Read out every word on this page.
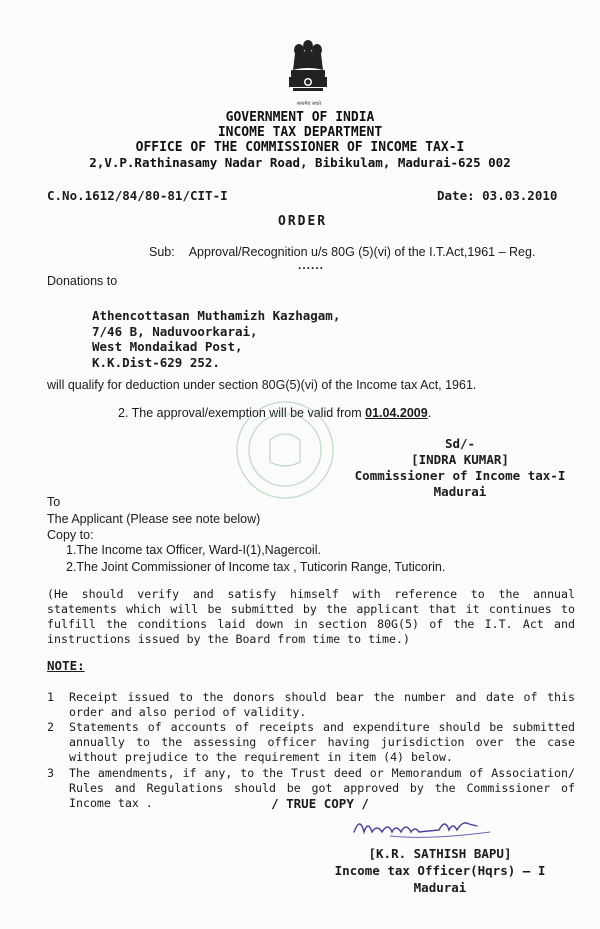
सत्यमेव जयते
GOVERNMENT OF INDIA
INCOME TAX DEPARTMENT
OFFICE OF THE COMMISSIONER OF INCOME TAX-I
2,V.P.Rathinasamy Nadar Road, Bibikulam, Madurai-625 002
C.No.1612/84/80-81/CIT-I	Date: 03.03.2010
ORDER
Sub: Approval/Recognition u/s 80G (5)(vi) of the I.T.Act,1961 – Reg.
......
Donations to
Athencottasan Muthamizh Kazhagam,
7/46 B, Naduvoorkarai,
West Mondaikad Post,
K.K.Dist-629 252.
will qualify for deduction under section 80G(5)(vi) of the Income tax Act, 1961.
2. The approval/exemption will be valid from 01.04.2009.
Sd/-
[INDRA KUMAR]
Commissioner of Income tax-I
Madurai
To
The Applicant (Please see note below)
Copy to:
1.The Income tax Officer, Ward-I(1),Nagercoil.
2.The Joint Commissioner of Income tax , Tuticorin Range, Tuticorin.
(He should verify and satisfy himself with reference to the annual statements which will be submitted by the applicant that it continues to fulfill the conditions laid down in section 80G(5) of the I.T. Act and instructions issued by the Board from time to time.)
NOTE:
1 Receipt issued to the donors should bear the number and date of this order and also period of validity.
2 Statements of accounts of receipts and expenditure should be submitted annually to the assessing officer having jurisdiction over the case without prejudice to the requirement in item (4) below.
3 The amendments, if any, to the Trust deed or Memorandum of Association/ Rules and Regulations should be got approved by the Commissioner of Income tax .	/ TRUE COPY /
[K.R. SATHISH BAPU]
Income tax Officer(Hqrs) – I
Madurai
